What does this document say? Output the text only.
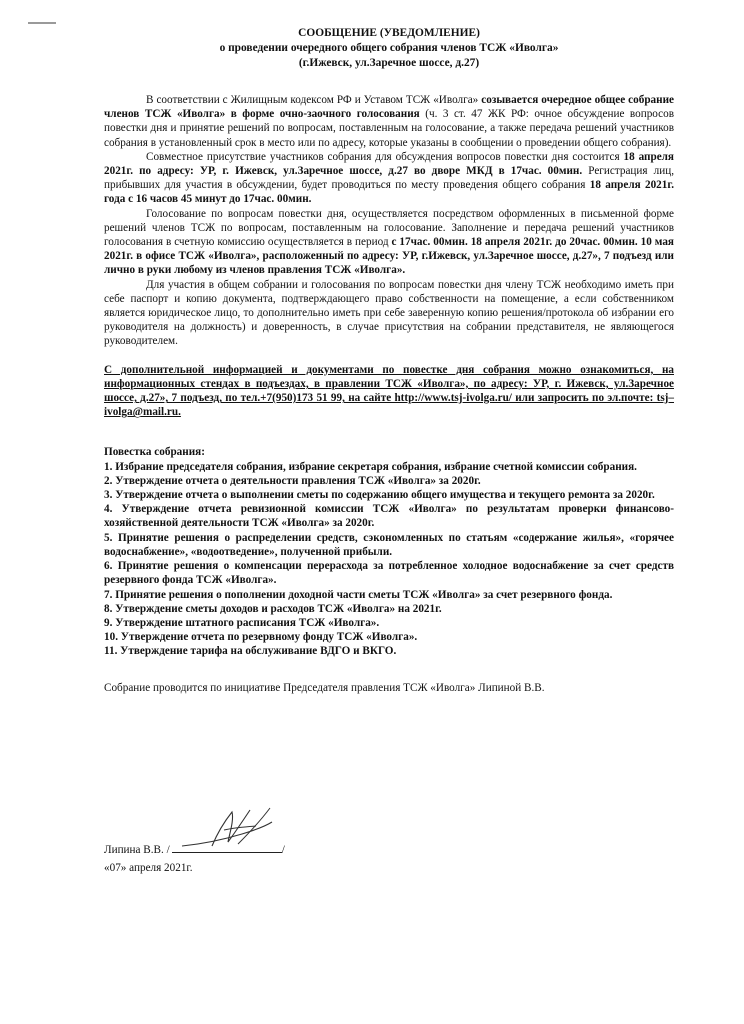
СООБЩЕНИЕ (УВЕДОМЛЕНИЕ)
о проведении очередного общего собрания членов ТСЖ «Иволга»
(г.Ижевск, ул.Заречное шоссе, д.27)

В соответствии с Жилищным кодексом РФ и Уставом ТСЖ «Иволга» созывается очередное общее собрание членов ТСЖ «Иволга» в форме очно-заочного голосования (ч. 3 ст. 47 ЖК РФ: очное обсуждение вопросов повестки дня и принятие решений по вопросам, поставленным на голосование, а также передача решений участников собрания в установленный срок в место или по адресу, которые указаны в сообщении о проведении общего собрания).

Совместное присутствие участников собрания для обсуждения вопросов повестки дня состоится 18 апреля 2021г. по адресу: УР, г. Ижевск, ул.Заречное шоссе, д.27 во дворе МКД в 17час. 00мин. Регистрация лиц, прибывших для участия в обсуждении, будет проводиться по месту проведения общего собрания 18 апреля 2021г. года с 16 часов 45 минут до 17час. 00мин.

Голосование по вопросам повестки дня, осуществляется посредством оформленных в письменной форме решений членов ТСЖ по вопросам, поставленным на голосование. Заполнение и передача решений участников голосования в счетную комиссию осуществляется в период с 17час. 00мин. 18 апреля 2021г. до 20час. 00мин. 10 мая 2021г. в офисе ТСЖ «Иволга», расположенный по адресу: УР, г.Ижевск, ул.Заречное шоссе, д.27», 7 подъезд или лично в руки любому из членов правления ТСЖ «Иволга».

Для участия в общем собрании и голосования по вопросам повестки дня члену ТСЖ необходимо иметь при себе паспорт и копию документа, подтверждающего право собственности на помещение, а если собственником является юридическое лицо, то дополнительно иметь при себе заверенную копию решения/протокола об избрании его руководителя на должность) и доверенность, в случае присутствия на собрании представителя, не являющегося руководителем.

С дополнительной информацией и документами по повестке дня собрания можно ознакомиться, на информационных стендах в подъездах, в правлении ТСЖ «Иволга», по адресу: УР, г. Ижевск, ул.Заречное шоссе, д.27», 7 подъезд, по тел.+7(950)173 51 99, на сайте http://www.tsj-ivolga.ru/ или запросить по эл.почте: tsj–ivolga@mail.ru.

Повестка собрания:

1. Избрание председателя собрания, избрание секретаря собрания, избрание счетной комиссии собрания.

2. Утверждение отчета о деятельности правления ТСЖ «Иволга» за 2020г.

3. Утверждение отчета о выполнении сметы по содержанию общего имущества и текущего ремонта за 2020г.

4. Утверждение отчета ревизионной комиссии ТСЖ «Иволга» по результатам проверки финансово-хозяйственной деятельности ТСЖ «Иволга» за 2020г.

5. Принятие решения о распределении средств, сэкономленных по статьям «содержание жилья», «горячее водоснабжение», «водоотведение», полученной прибыли.

6. Принятие решения о компенсации перерасхода за потребленное холодное водоснабжение за счет средств резервного фонда ТСЖ «Иволга».

7. Принятие решения о пополнении доходной части сметы ТСЖ «Иволга» за счет резервного фонда.

8. Утверждение сметы доходов и расходов ТСЖ «Иволга» на 2021г.

9. Утверждение штатного расписания ТСЖ «Иволга».

10. Утверждение отчета по резервному фонду ТСЖ «Иволга».

11. Утверждение тарифа на обслуживание ВДГО и ВКГО.

Собрание проводится по инициативе Председателя правления ТСЖ «Иволга» Липиной В.В.

Липина В.В. /	/
«07» апреля 2021г.
